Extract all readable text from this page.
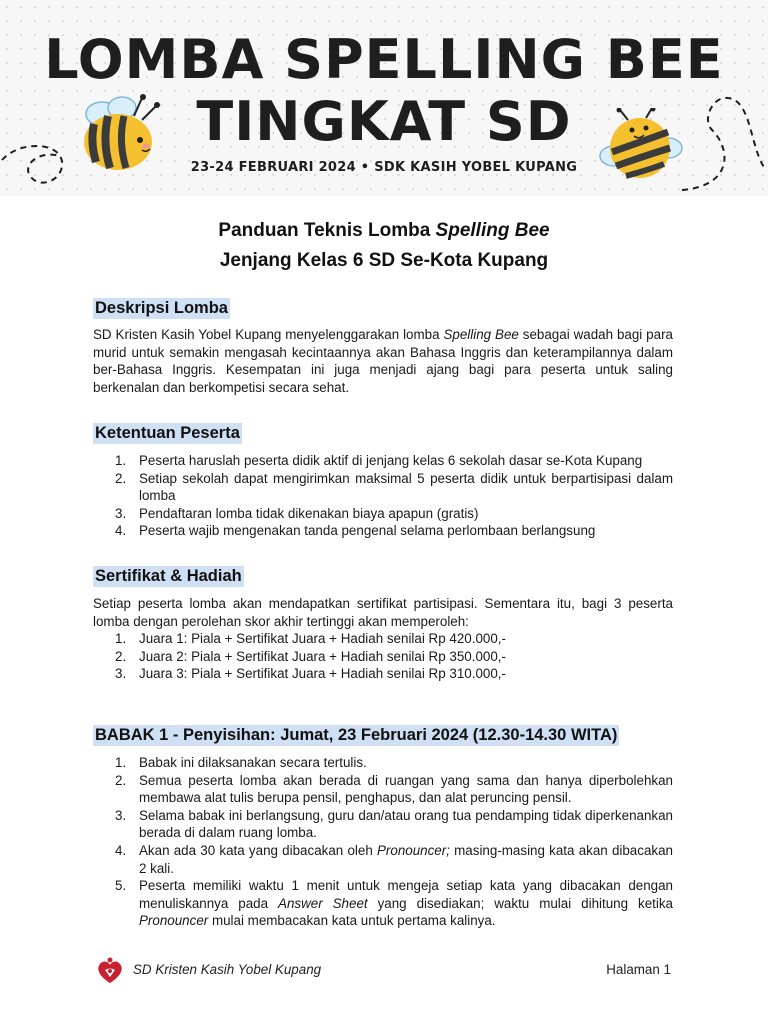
LOMBA SPELLING BEE
TINGKAT SD
23-24 FEBRUARI 2024 • SDK KASIH YOBEL KUPANG
Panduan Teknis Lomba Spelling Bee
Jenjang Kelas 6 SD Se-Kota Kupang
Deskripsi Lomba
SD Kristen Kasih Yobel Kupang menyelenggarakan lomba Spelling Bee sebagai wadah bagi para murid untuk semakin mengasah kecintaannya akan Bahasa Inggris dan keterampilannya dalam ber-Bahasa Inggris. Kesempatan ini juga menjadi ajang bagi para peserta untuk saling berkenalan dan berkompetisi secara sehat.
Ketentuan Peserta
1. Peserta haruslah peserta didik aktif di jenjang kelas 6 sekolah dasar se-Kota Kupang
2. Setiap sekolah dapat mengirimkan maksimal 5 peserta didik untuk berpartisipasi dalam lomba
3. Pendaftaran lomba tidak dikenakan biaya apapun (gratis)
4. Peserta wajib mengenakan tanda pengenal selama perlombaan berlangsung
Sertifikat & Hadiah
Setiap peserta lomba akan mendapatkan sertifikat partisipasi. Sementara itu, bagi 3 peserta lomba dengan perolehan skor akhir tertinggi akan memperoleh:
1. Juara 1: Piala + Sertifikat Juara + Hadiah senilai Rp 420.000,-
2. Juara 2: Piala + Sertifikat Juara + Hadiah senilai Rp 350.000,-
3. Juara 3: Piala + Sertifikat Juara + Hadiah senilai Rp 310.000,-
BABAK 1 - Penyisihan: Jumat, 23 Februari 2024 (12.30-14.30 WITA)
1. Babak ini dilaksanakan secara tertulis.
2. Semua peserta lomba akan berada di ruangan yang sama dan hanya diperbolehkan membawa alat tulis berupa pensil, penghapus, dan alat peruncing pensil.
3. Selama babak ini berlangsung, guru dan/atau orang tua pendamping tidak diperkenankan berada di dalam ruang lomba.
4. Akan ada 30 kata yang dibacakan oleh Pronouncer; masing-masing kata akan dibacakan 2 kali.
5. Peserta memiliki waktu 1 menit untuk mengeja setiap kata yang dibacakan dengan menuliskannya pada Answer Sheet yang disediakan; waktu mulai dihitung ketika Pronouncer mulai membacakan kata untuk pertama kalinya.
SD Kristen Kasih Yobel Kupang	Halaman 1
